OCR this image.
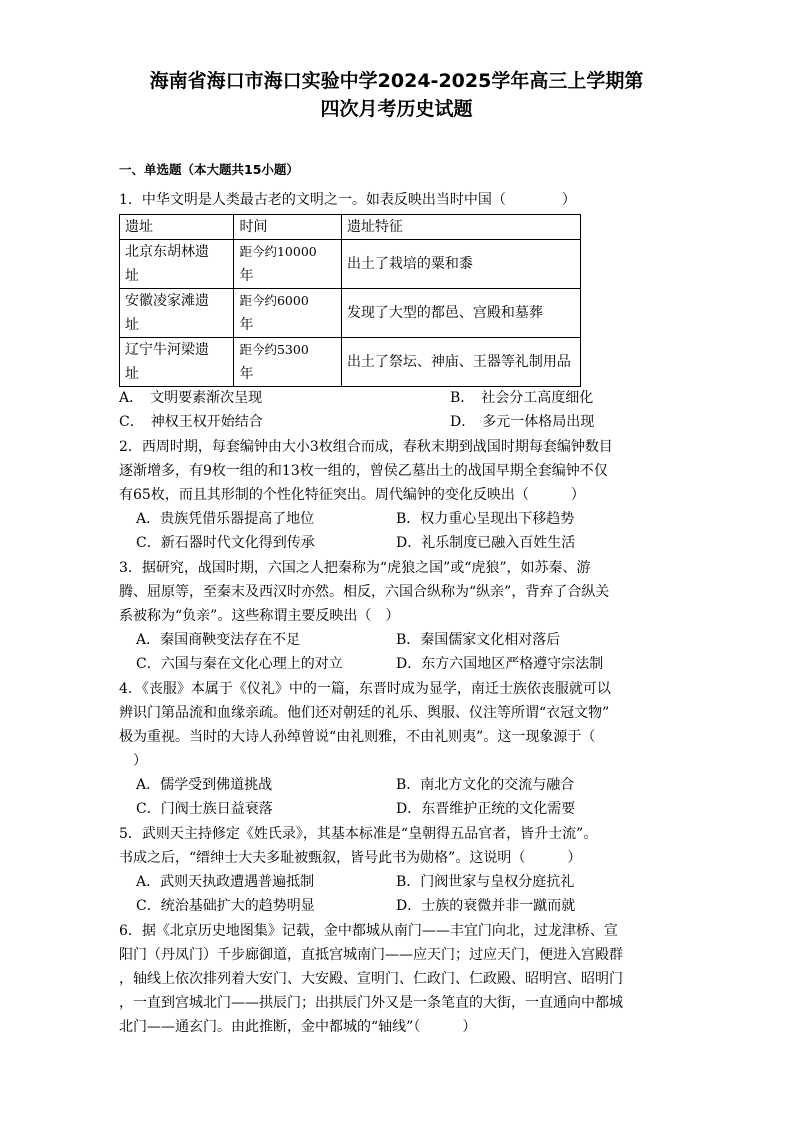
海南省海口市海口实验中学2024-2025学年高三上学期第
四次月考历史试题
一、单选题（本大题共15小题）
1．中华文明是人类最古老的文明之一。如表反映出当时中国（　　　　）
遗址	时间	遗址特征
北京东胡林遗
址	距今约10000
年	出土了栽培的粟和黍
安徽凌家滩遗
址	距今约6000
年	发现了大型的都邑、宫殿和墓葬
辽宁牛河梁遗
址	距今约5300
年	出土了祭坛、神庙、王器等礼制用品
A．　文明要素渐次呈现	B．　社会分工高度细化
C．　神权王权开始结合	D．　多元一体格局出现
2．西周时期，每套编钟由大小3枚组合而成，春秋末期到战国时期每套编钟数目
逐渐增多，有9枚一组的和13枚一组的，曾侯乙墓出土的战国早期全套编钟不仅
有65枚，而且其形制的个性化特征突出。周代编钟的变化反映出（　　　）
A．贵族凭借乐器提高了地位	B．权力重心呈现出下移趋势
C．新石器时代文化得到传承	D．礼乐制度已融入百姓生活
3．据研究，战国时期，六国之人把秦称为“虎狼之国”或“虎狼”，如苏秦、游
腾、屈原等，至秦末及西汉时亦然。相反，六国合纵称为“纵亲”，背弃了合纵关
系被称为“负亲”。这些称谓主要反映出（　）
A．秦国商鞅变法存在不足	B．秦国儒家文化相对落后
C．六国与秦在文化心理上的对立	D．东方六国地区严格遵守宗法制
4．《丧服》本属于《仪礼》中的一篇，东晋时成为显学，南迁士族依丧服就可以
辨识门第品流和血缘亲疏。他们还对朝廷的礼乐、舆服、仪注等所谓“衣冠文物”
极为重视。当时的大诗人孙绰曾说“由礼则雅，不由礼则夷”。这一现象源于（
　）
A．儒学受到佛道挑战	B．南北方文化的交流与融合
C．门阀士族日益衰落	D．东晋维护正统的文化需要
5．武则天主持修定《姓氏录》，其基本标准是“皇朝得五品官者，皆升士流”。
书成之后，“缙绅士大夫多耻被甄叙，皆号此书为勋格”。这说明（　　　）
A．武则天执政遭遇普遍抵制	B．门阀世家与皇权分庭抗礼
C．统治基础扩大的趋势明显	D．士族的衰微并非一蹴而就
6．据《北京历史地图集》记载，金中都城从南门——丰宜门向北，过龙津桥、宣
阳门（丹凤门）千步廊御道，直抵宫城南门——应天门；过应天门，便进入宫殿群
，轴线上依次排列着大安门、大安殿、宣明门、仁政门、仁政殿、昭明宫、昭明门
，一直到宫城北门——拱辰门；出拱辰门外又是一条笔直的大街，一直通向中都城
北门——通玄门。由此推断，金中都城的“轴线”（　　　）
